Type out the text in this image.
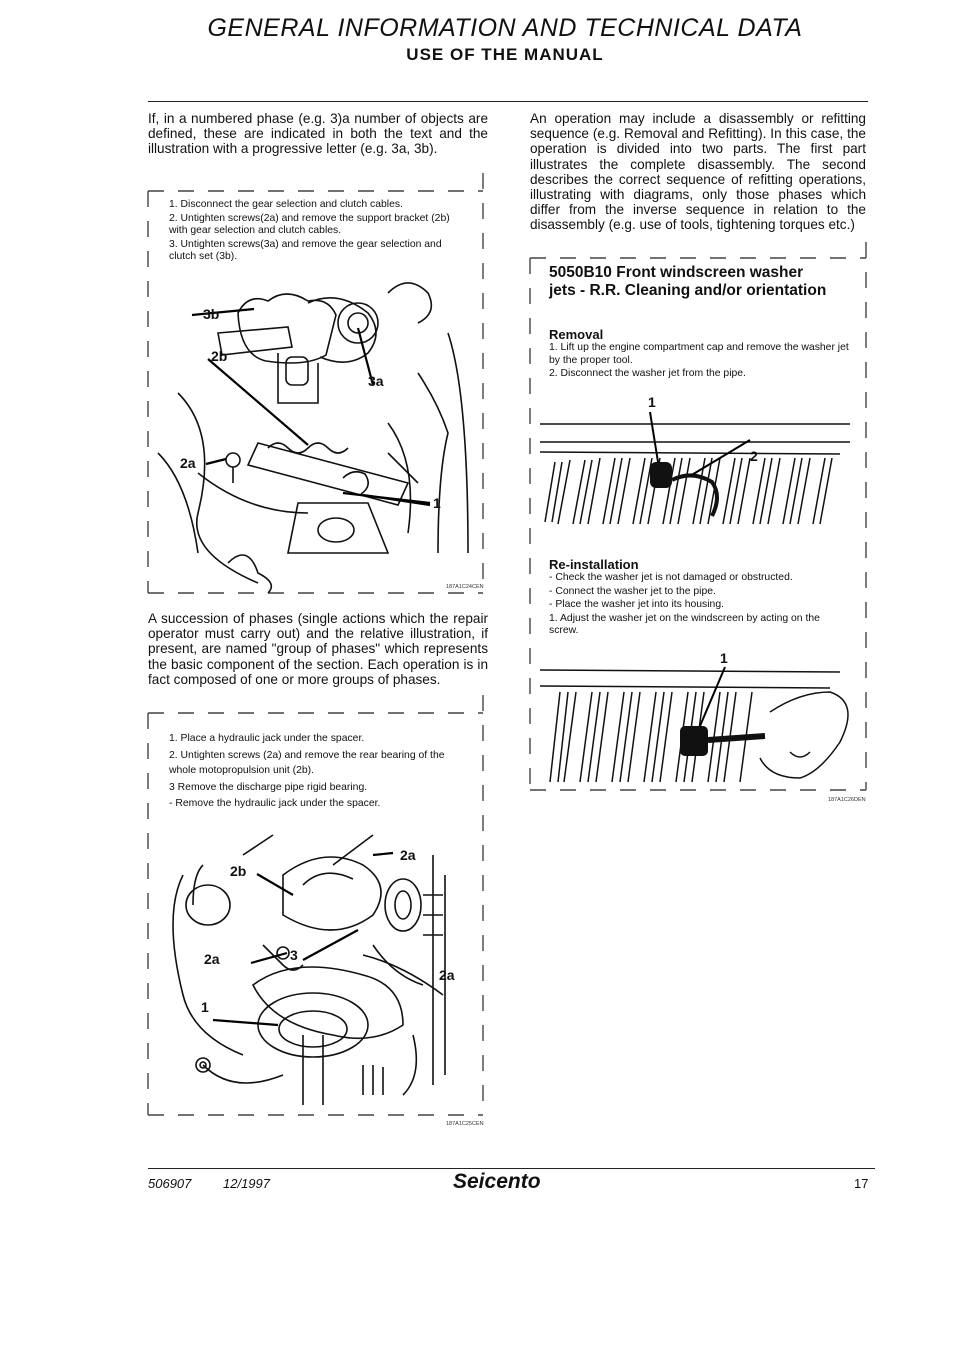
GENERAL INFORMATION AND TECHNICAL DATA
USE OF THE MANUAL
If, in a numbered phase (e.g. 3)a number of objects are defined, these are indicated in both the text and the illustration with a progressive letter (e.g. 3a, 3b).

1. Disconnect the gear selection and clutch cables.

2. Untighten screws(2a) and remove the support bracket (2b) with gear selection and clutch cables.

3. Untighten screws(3a) and remove the gear selection and clutch set (3b).

3b
2b
3a
2a
1
187A1C24CEN
A succession of phases (single actions which the repair operator must carry out) and the relative illustration, if present, are named "group of phases" which represents the basic component of the section. Each operation is in fact composed of one or more groups of phases.

1. Place a hydraulic jack under the spacer.

2. Untighten screws (2a) and remove the rear bearing of the whole motopropulsion unit (2b).

3 Remove the discharge pipe rigid bearing.

- Remove the hydraulic jack under the spacer.

2a
2b
2a	3
2a
1
187A1C25CEN
An operation may include a disassembly or refitting sequence (e.g. Removal and Refitting). In this case, the operation is divided into two parts. The first part illustrates the complete disassembly. The second describes the correct sequence of refitting operations, illustrating with diagrams, only those phases which differ from the inverse sequence in relation to the disassembly (e.g. use of tools, tightening torques etc.)
5050B10 Front windscreen washer jets - R.R. Cleaning and/or orientation
Removal

1. Lift up the engine compartment cap and remove the washer jet by the proper tool.

2. Disconnect the washer jet from the pipe.

1
2
Re-installation

- Check the washer jet is not damaged or obstructed.

- Connect the washer jet to the pipe.

- Place the washer jet into its housing.

1. Adjust the washer jet on the windscreen by acting on the screw.

1
187A1C26DEN
506907 12/1997	Seicento	17
